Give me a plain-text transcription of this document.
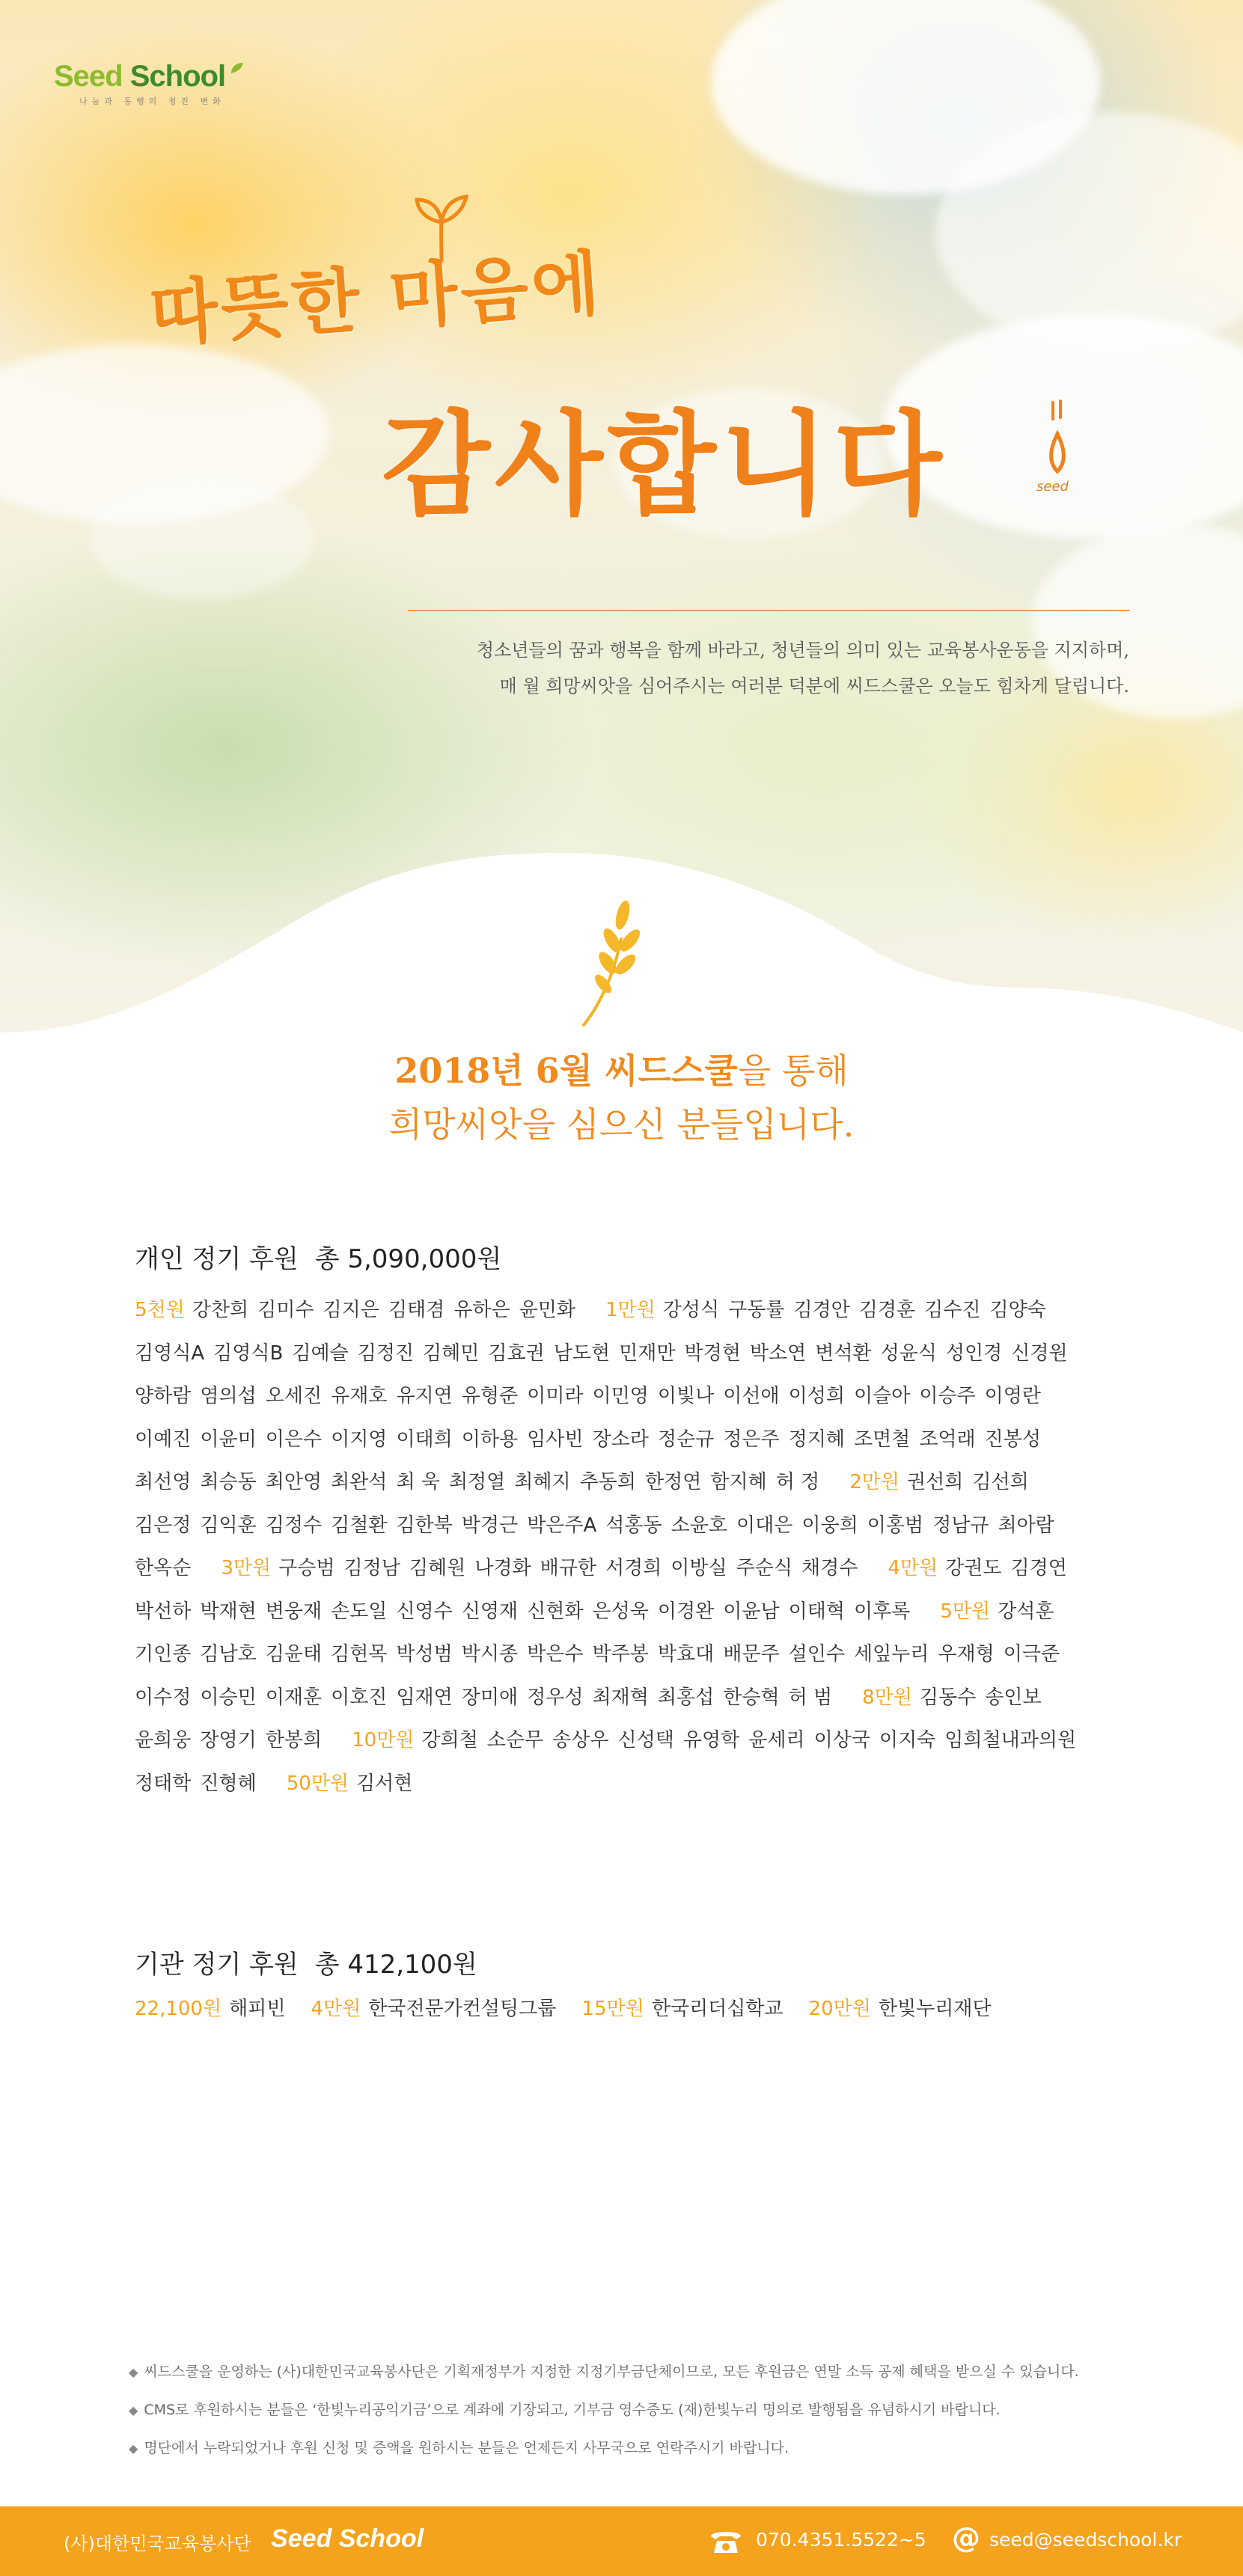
Seed School
나눔과 동행의 청진 변화
따뜻한 마음에
감사합니다	seed
청소년들의 꿈과 행복을 함께 바라고, 청년들의 의미 있는 교육봉사운동을 지지하며,
매 월 희망씨앗을 심어주시는 여러분 덕분에 씨드스쿨은 오늘도 힘차게 달립니다.
2018년 6월 씨드스쿨을 통해
희망씨앗을 심으신 분들입니다.
개인 정기 후원 총 5,090,000원
5천원 강찬희 김미수 김지은 김태겸 유하은 윤민화 1만원 강성식 구동률 김경안 김경훈 김수진 김양숙
김영식A 김영식B 김예슬 김정진 김혜민 김효권 남도현 민재만 박경현 박소연 변석환 성윤식 성인경 신경원
양하람 염의섭 오세진 유재호 유지연 유형준 이미라 이민영 이빛나 이선애 이성희 이슬아 이승주 이영란
이예진 이윤미 이은수 이지영 이태희 이하용 임사빈 장소라 정순규 정은주 정지혜 조면철 조억래 진봉성
최선영 최승동 최안영 최완석 최 욱 최정열 최혜지 추동희 한정연 함지혜 허 정 2만원 권선희 김선희
김은정 김익훈 김정수 김철환 김한북 박경근 박은주A 석홍동 소윤호 이대은 이웅희 이홍범 정남규 최아람
한옥순 3만원 구승범 김정남 김혜원 나경화 배규한 서경희 이방실 주순식 채경수 4만원 강권도 김경연
박선하 박재현 변웅재 손도일 신영수 신영재 신현화 은성욱 이경완 이윤남 이태혁 이후록 5만원 강석훈
기인종 김남호 김윤태 김현목 박성범 박시종 박은수 박주봉 박효대 배문주 설인수 세잎누리 우재형 이극준
이수정 이승민 이재훈 이호진 임재연 장미애 정우성 최재혁 최홍섭 한승혁 허 범 8만원 김동수 송인보
윤희웅 장영기 한봉희 10만원 강희철 소순무 송상우 신성택 유영학 윤세리 이상국 이지숙 임희철내과의원
정태학 진형혜 50만원 김서현
기관 정기 후원 총 412,100원
22,100원 해피빈 4만원 한국전문가컨설팅그룹 15만원 한국리더십학교 20만원 한빛누리재단
◆ 씨드스쿨을 운영하는 (사)대한민국교육봉사단은 기획재정부가 지정한 지정기부금단체이므로, 모든 후원금은 연말 소득 공제 혜택을 받으실 수 있습니다.
◆ CMS로 후원하시는 분들은 ‘한빛누리공익기금’으로 계좌에 기장되고, 기부금 영수증도 (재)한빛누리 명의로 발행됨을 유념하시기 바랍니다.
◆ 명단에서 누락되었거나 후원 신청 및 증액을 원하시는 분들은 언제든지 사무국으로 연락주시기 바랍니다.
(사)대한민국교육봉사단 Seed School	070.4351.5522~5 @ seed@seedschool.kr
